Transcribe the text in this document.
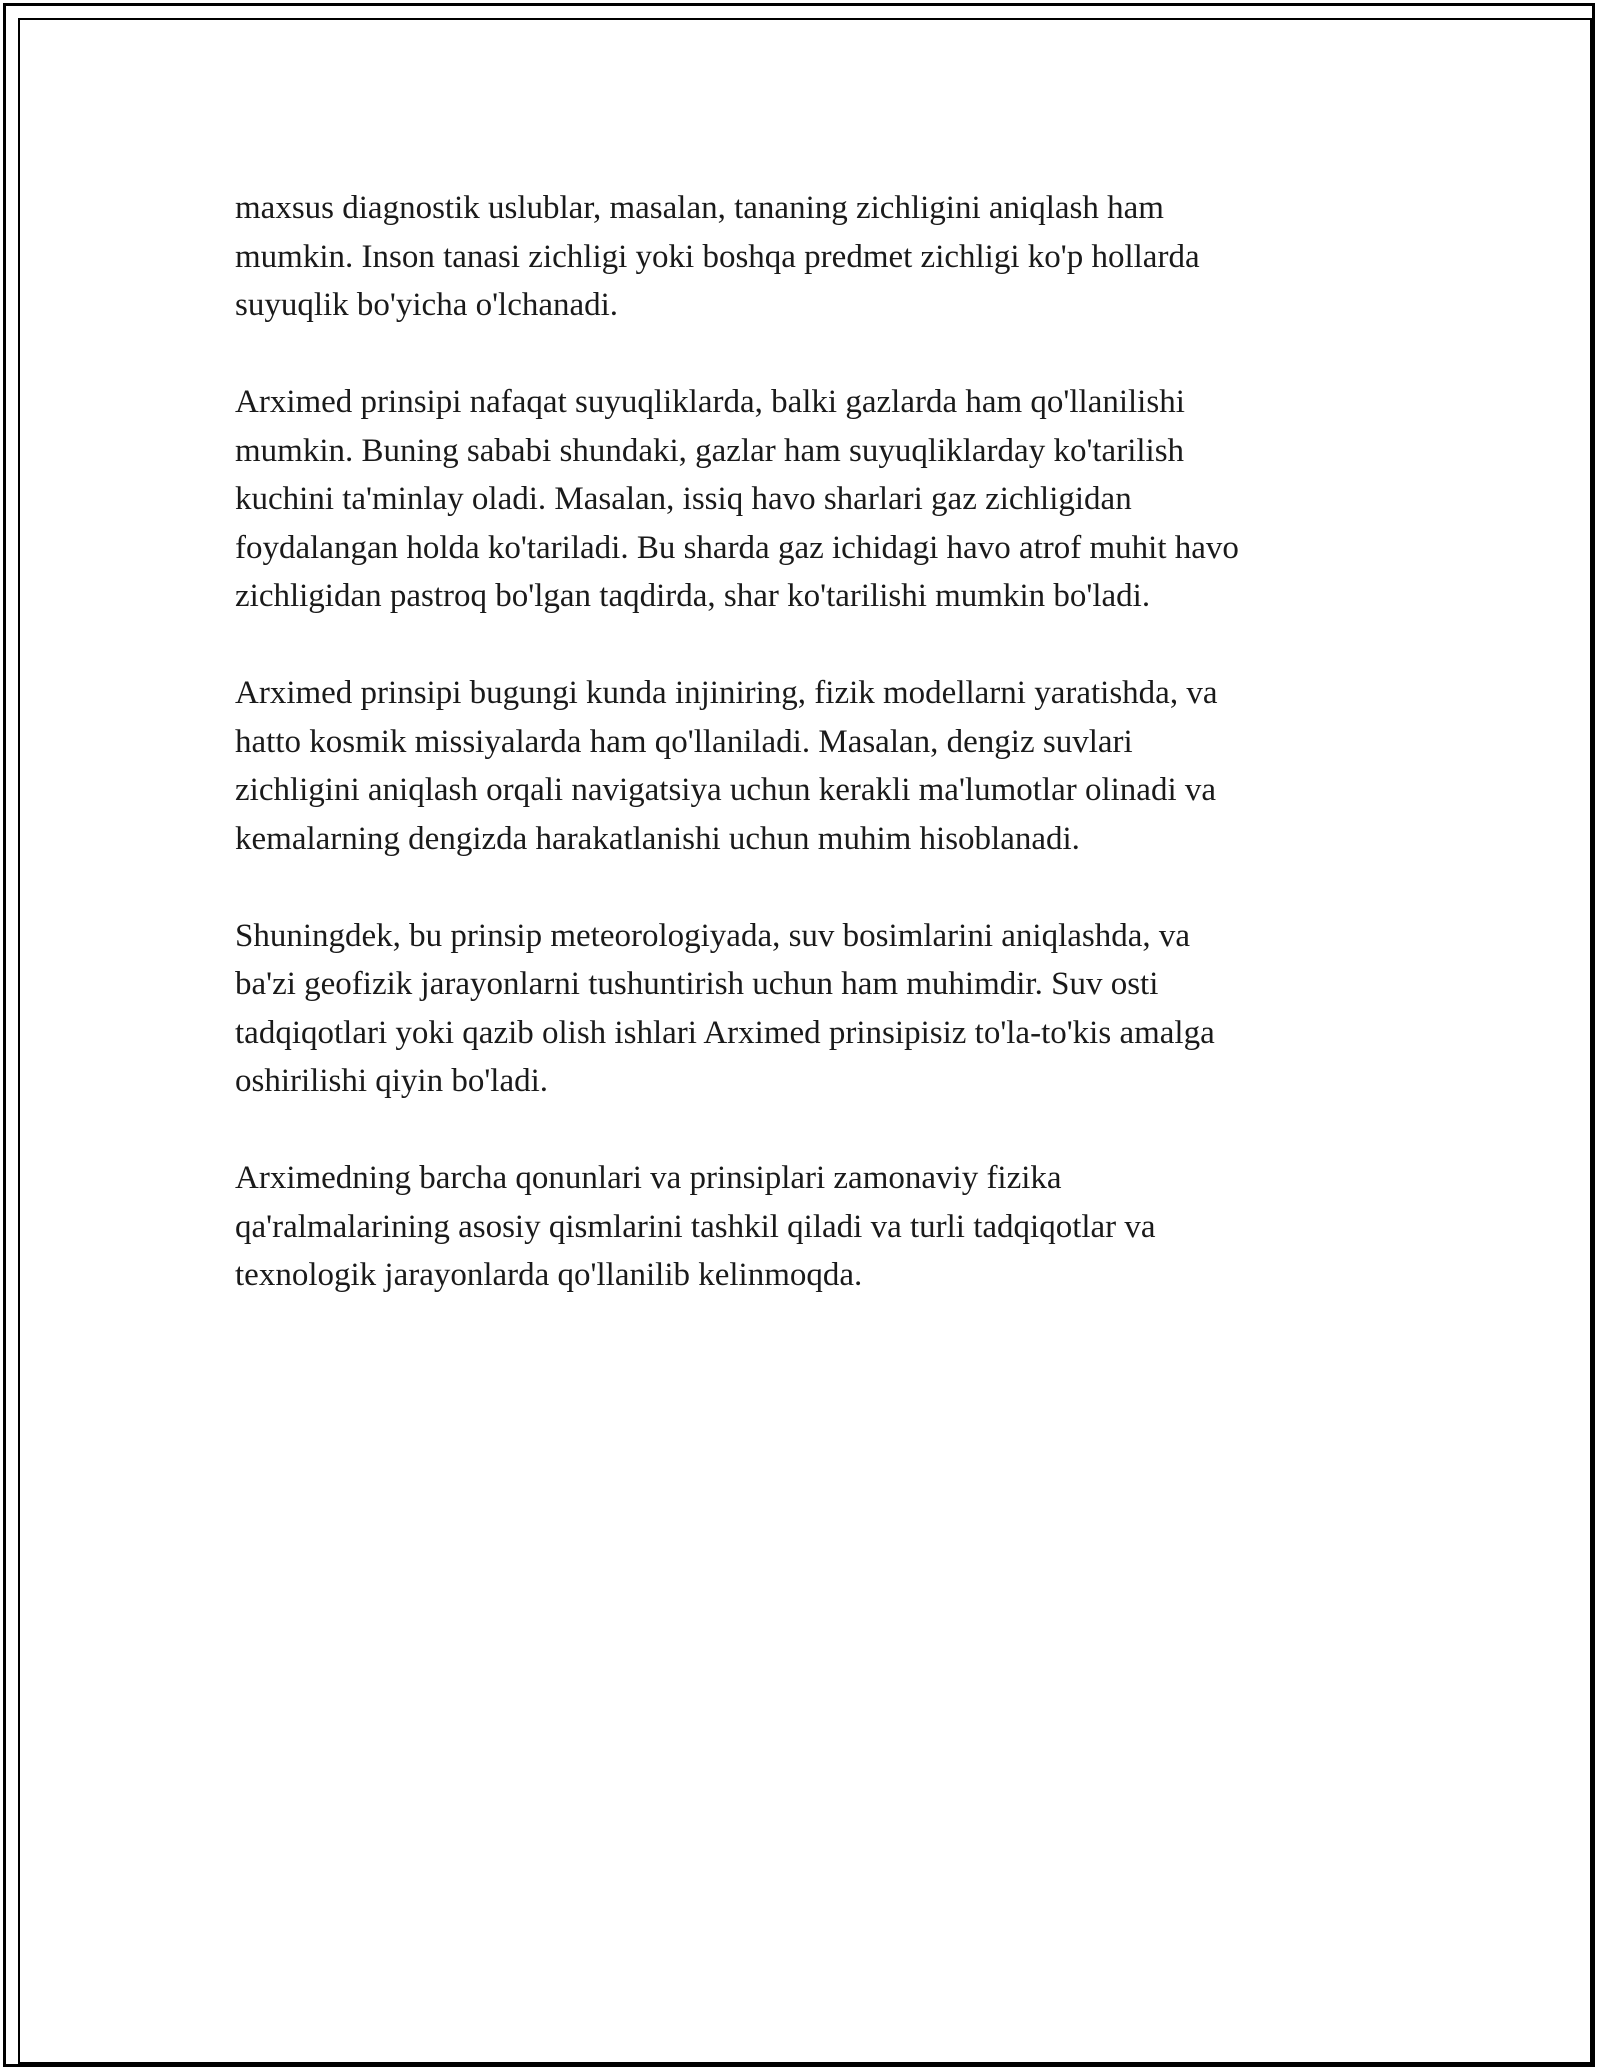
maxsus diagnostik uslublar, masalan, tananing zichligini aniqlash ham
mumkin. Inson tanasi zichligi yoki boshqa predmet zichligi ko'p hollarda
suyuqlik bo'yicha o'lchanadi.

Arximed prinsipi nafaqat suyuqliklarda, balki gazlarda ham qo'llanilishi
mumkin. Buning sababi shundaki, gazlar ham suyuqliklarday ko'tarilish
kuchini ta'minlay oladi. Masalan, issiq havo sharlari gaz zichligidan
foydalangan holda ko'tariladi. Bu sharda gaz ichidagi havo atrof muhit havo
zichligidan pastroq bo'lgan taqdirda, shar ko'tarilishi mumkin bo'ladi.

Arximed prinsipi bugungi kunda injiniring, fizik modellarni yaratishda, va
hatto kosmik missiyalarda ham qo'llaniladi. Masalan, dengiz suvlari
zichligini aniqlash orqali navigatsiya uchun kerakli ma'lumotlar olinadi va
kemalarning dengizda harakatlanishi uchun muhim hisoblanadi.

Shuningdek, bu prinsip meteorologiyada, suv bosimlarini aniqlashda, va
ba'zi geofizik jarayonlarni tushuntirish uchun ham muhimdir. Suv osti
tadqiqotlari yoki qazib olish ishlari Arximed prinsipisiz to'la-to'kis amalga
oshirilishi qiyin bo'ladi.

Arximedning barcha qonunlari va prinsiplari zamonaviy fizika
qa'ralmalarining asosiy qismlarini tashkil qiladi va turli tadqiqotlar va
texnologik jarayonlarda qo'llanilib kelinmoqda.
